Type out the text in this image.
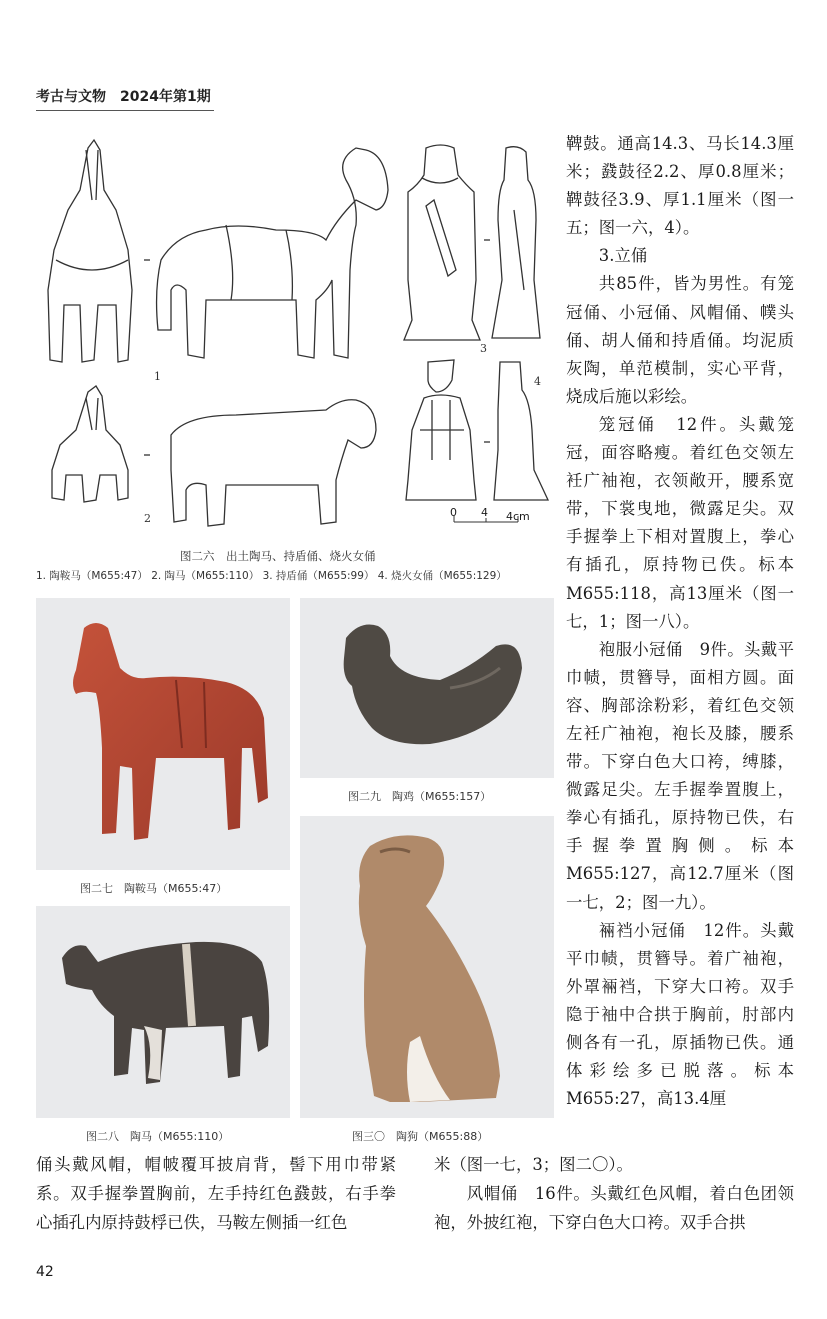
考古与文物　2024年第1期
1
2
3
4
0 4 4cm
图二六　出土陶马、持盾俑、烧火女俑
1. 陶鞍马（M655:47） 2. 陶马（M655:110） 3. 持盾俑（M655:99） 4. 烧火女俑（M655:129）
图二七　陶鞍马（M655:47）
图二九　陶鸡（M655:157）
图二八　陶马（M655:110）	图三〇　陶狗（M655:88）

鞞鼓。通高14.3、马长14.3厘米；鼗鼓径2.2、厚0.8厘米；鞞鼓径3.9、厚1.1厘米（图一五；图一六，4）。

3.立俑

共85件，皆为男性。有笼冠俑、小冠俑、风帽俑、幞头俑、胡人俑和持盾俑。均泥质灰陶，单范模制，实心平背，烧成后施以彩绘。

笼冠俑　12件。头戴笼冠，面容略瘦。着红色交领左衽广袖袍，衣领敞开，腰系宽带，下裳曳地，微露足尖。双手握拳上下相对置腹上，拳心有插孔，原持物已佚。标本M655:118，高13厘米（图一七，1；图一八）。

袍服小冠俑　9件。头戴平巾帻，贯簪导，面相方圆。面容、胸部涂粉彩，着红色交领左衽广袖袍，袍长及膝，腰系带。下穿白色大口袴，缚膝，微露足尖。左手握拳置腹上，拳心有插孔，原持物已佚，右手握拳置胸侧。标本M655:127，高12.7厘米（图一七，2；图一九）。

裲裆小冠俑　12件。头戴平巾帻，贯簪导。着广袖袍，外罩裲裆，下穿大口袴。双手隐于袖中合拱于胸前，肘部内侧各有一孔，原插物已佚。通体彩绘多已脱落。标本M655:27，高13.4厘

俑头戴风帽，帽帔覆耳披肩背，髻下用巾带紧系。双手握拳置胸前，左手持红色鼗鼓，右手拳心插孔内原持鼓桴已佚，马鞍左侧插一红色

米（图一七，3；图二〇）。

风帽俑　16件。头戴红色风帽，着白色团领袍，外披红袍，下穿白色大口袴。双手合拱

42
